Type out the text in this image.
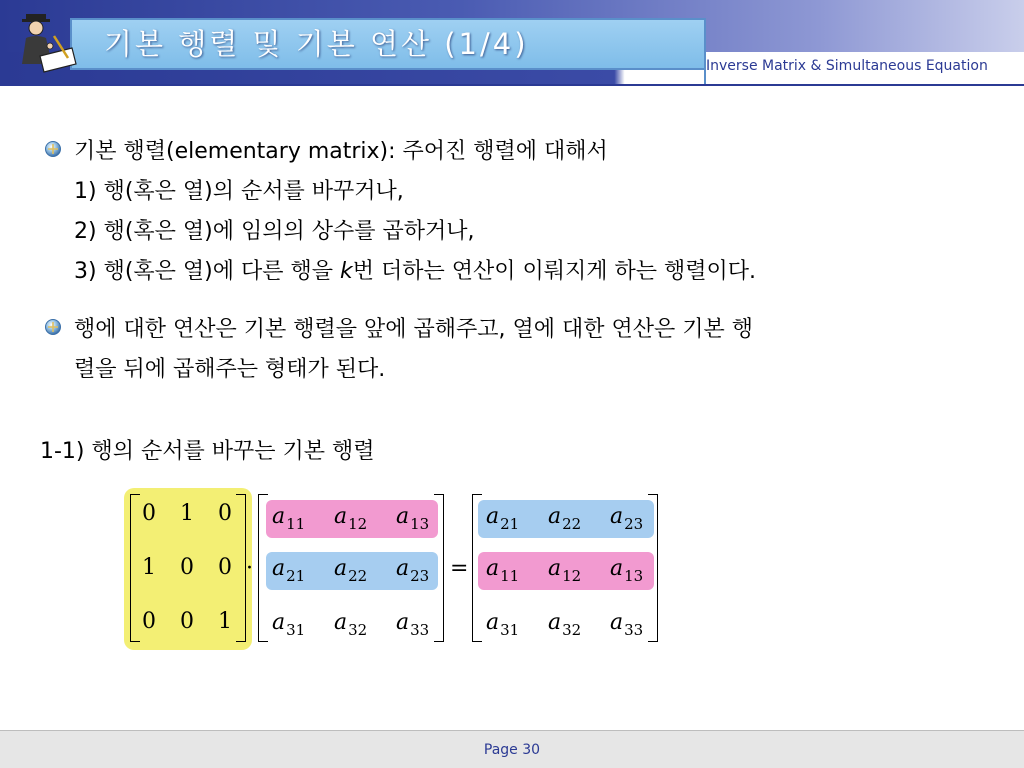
기본 행렬 및 기본 연산 (1/4)
Inverse Matrix & Simultaneous Equation
기본 행렬(elementary matrix): 주어진 행렬에 대해서
1) 행(혹은 열)의 순서를 바꾸거나,
2) 행(혹은 열)에 임의의 상수를 곱하거나,
3) 행(혹은 열)에 다른 행을 k번 더하는 연산이 이뤄지게 하는 행렬이다.
행에 대한 연산은 기본 행렬을 앞에 곱해주고, 열에 대한 연산은 기본 행
렬을 뒤에 곱해주는 형태가 된다.
1-1) 행의 순서를 바꾸는 기본 행렬
0 1 0
1 0 0
0 0 1
·	=
a11 a12 a13
a21 a22 a23
a31 a32 a33
a21 a22 a23
a11 a12 a13
a31 a32 a33
Page 30
